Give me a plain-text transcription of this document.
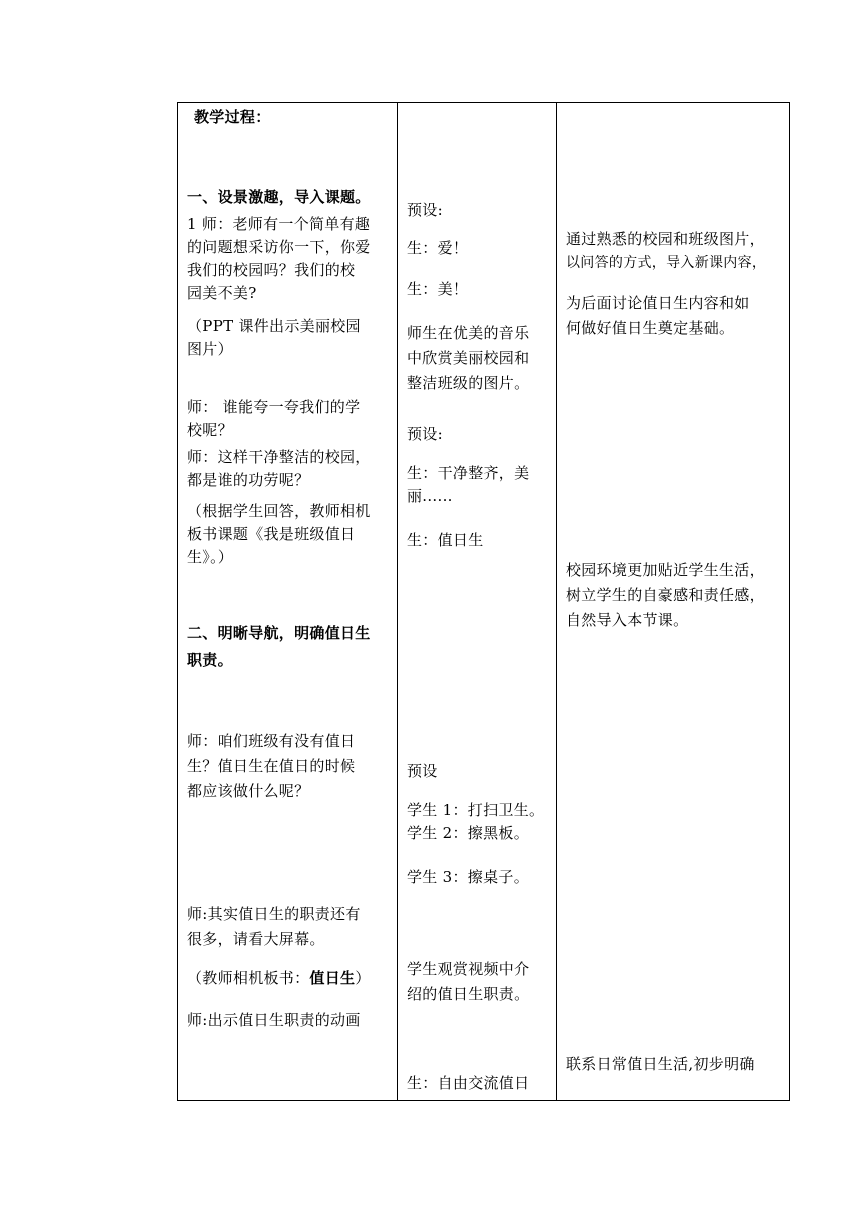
教学过程：
一、设景激趣，导入课题。
1 师：老师有一个简单有趣
的问题想采访你一下，你爱
我们的校园吗？我们的校
园美不美?
（PPT 课件出示美丽校园
图片）
师： 谁能夸一夸我们的学
校呢？
师：这样干净整洁的校园，
都是谁的功劳呢？
（根据学生回答，教师相机
板书课题《我是班级值日
生》。）
二、明晰导航，明确值日生
职责。
师：咱们班级有没有值日
生？值日生在值日的时候
都应该做什么呢？
师:其实值日生的职责还有
很多，请看大屏幕。
（教师相机板书：值日生）
师:出示值日生职责的动画

预设:
生：爱！
生：美！
师生在优美的音乐
中欣赏美丽校园和
整洁班级的图片。
预设:
生：干净整齐，美
丽......
生：值日生
预设
学生 1：打扫卫生。
学生 2：擦黑板。
学生 3：擦桌子。
学生观赏视频中介
绍的值日生职责。
生：自由交流值日

通过熟悉的校园和班级图片，
以问答的方式，导入新课内容，
为后面讨论值日生内容和如
何做好值日生奠定基础。
校园环境更加贴近学生生活，
树立学生的自豪感和责任感，
自然导入本节课。
联系日常值日生活,初步明确
